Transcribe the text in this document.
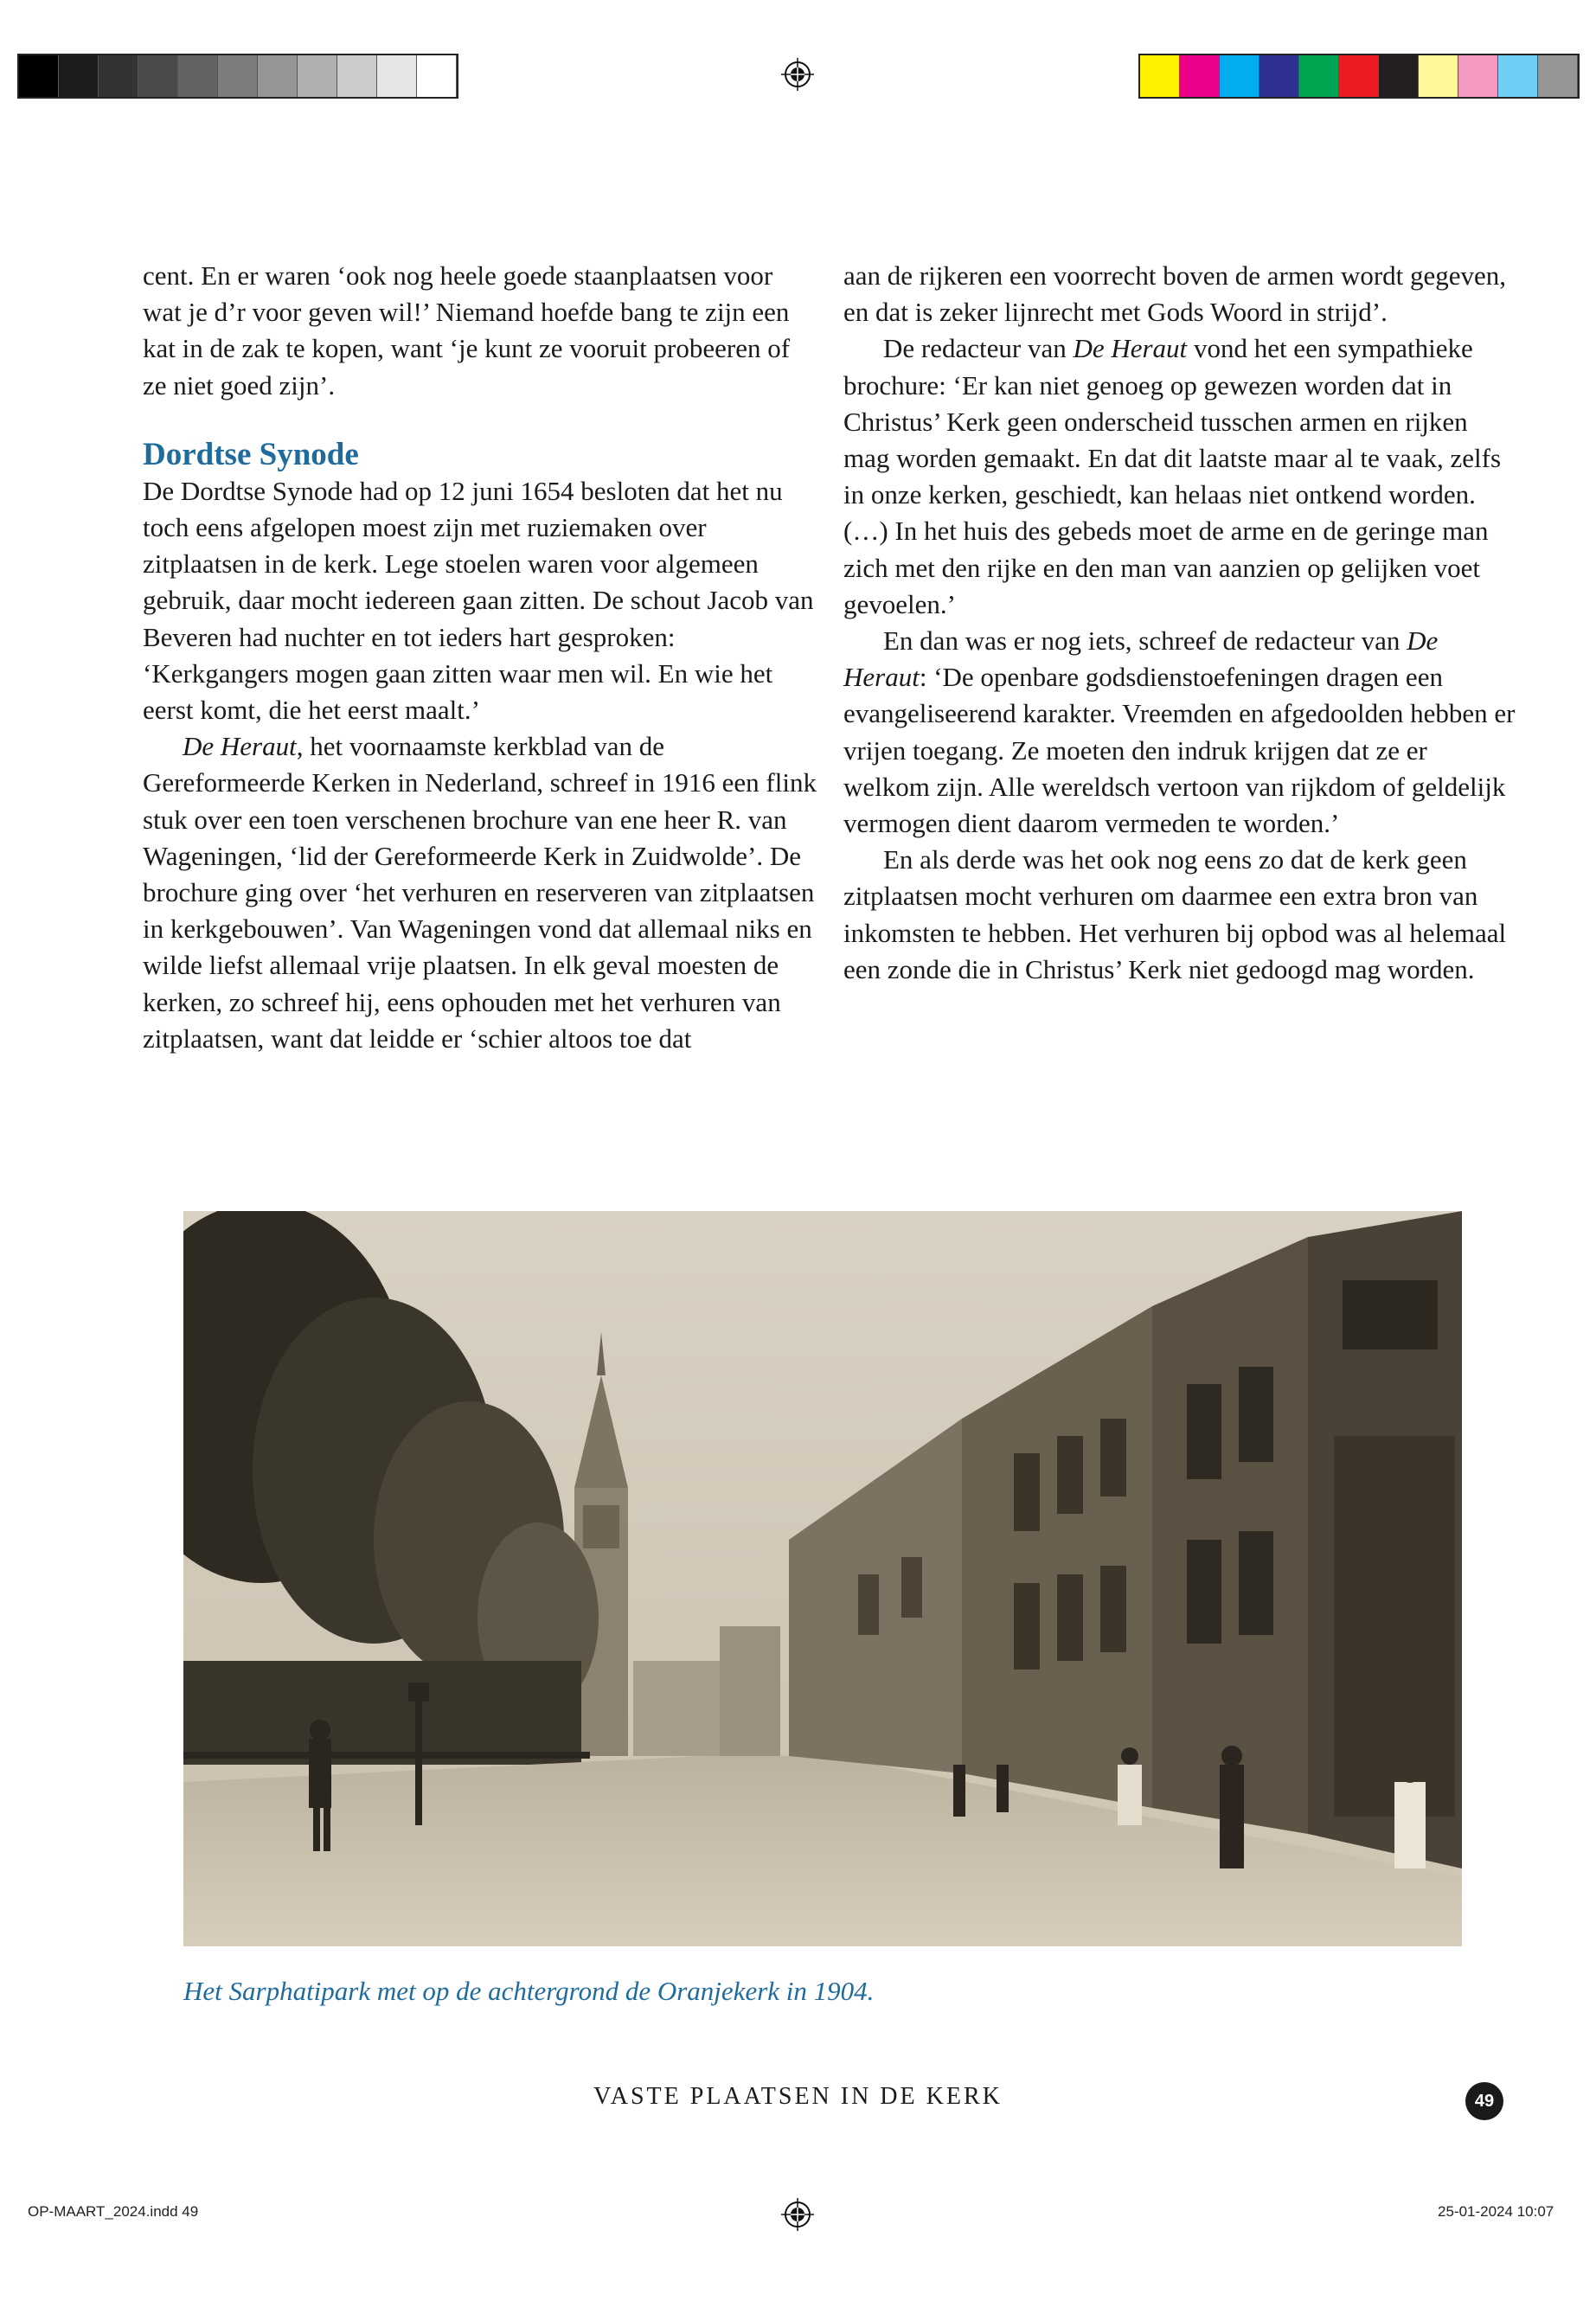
cent. En er waren ‘ook nog heele goede staanplaatsen voor wat je d’r voor geven wil!’ Niemand hoefde bang te zijn een kat in de zak te kopen, want ‘je kunt ze vooruit probeeren of ze niet goed zijn’.

Dordtse Synode

De Dordtse Synode had op 12 juni 1654 besloten dat het nu toch eens afgelopen moest zijn met ruziemaken over zitplaatsen in de kerk. Lege stoelen waren voor algemeen gebruik, daar mocht iedereen gaan zitten. De schout Jacob van Beveren had nuchter en tot ieders hart gesproken: ‘Kerkgangers mogen gaan zitten waar men wil. En wie het eerst komt, die het eerst maalt.’

De Heraut, het voornaamste kerkblad van de Gereformeerde Kerken in Nederland, schreef in 1916 een flink stuk over een toen verschenen brochure van ene heer R. van Wageningen, ‘lid der Gereformeerde Kerk in Zuidwolde’. De brochure ging over ‘het verhuren en reserveren van zitplaatsen in kerkgebouwen’. Van Wageningen vond dat allemaal niks en wilde liefst allemaal vrije plaatsen. In elk geval moesten de kerken, zo schreef hij, eens ophouden met het verhuren van zitplaatsen, want dat leidde er ‘schier altoos toe dat

aan de rijkeren een voorrecht boven de armen wordt gegeven, en dat is zeker lijnrecht met Gods Woord in strijd’.

De redacteur van De Heraut vond het een sympathieke brochure: ‘Er kan niet genoeg op gewezen worden dat in Christus’ Kerk geen onderscheid tusschen armen en rijken mag worden gemaakt. En dat dit laatste maar al te vaak, zelfs in onze kerken, geschiedt, kan helaas niet ontkend worden. (…) In het huis des gebeds moet de arme en de geringe man zich met den rijke en den man van aanzien op gelijken voet gevoelen.’

En dan was er nog iets, schreef de redacteur van De Heraut: ‘De openbare godsdienstoefeningen dragen een evangeliseerend karakter. Vreemden en afgedoolden hebben er vrijen toegang. Ze moeten den indruk krijgen dat ze er welkom zijn. Alle wereldsch vertoon van rijkdom of geldelijk vermogen dient daarom vermeden te worden.’

En als derde was het ook nog eens zo dat de kerk geen zitplaatsen mocht verhuren om daarmee een extra bron van inkomsten te hebben. Het verhuren bij opbod was al helemaal een zonde die in Christus’ Kerk niet gedoogd mag worden.

Het Sarphatipark met op de achtergrond de Oranjekerk in 1904.
VASTE PLAATSEN IN DE KERK	49
OP-MAART_2024.indd 49	25-01-2024 10:07
